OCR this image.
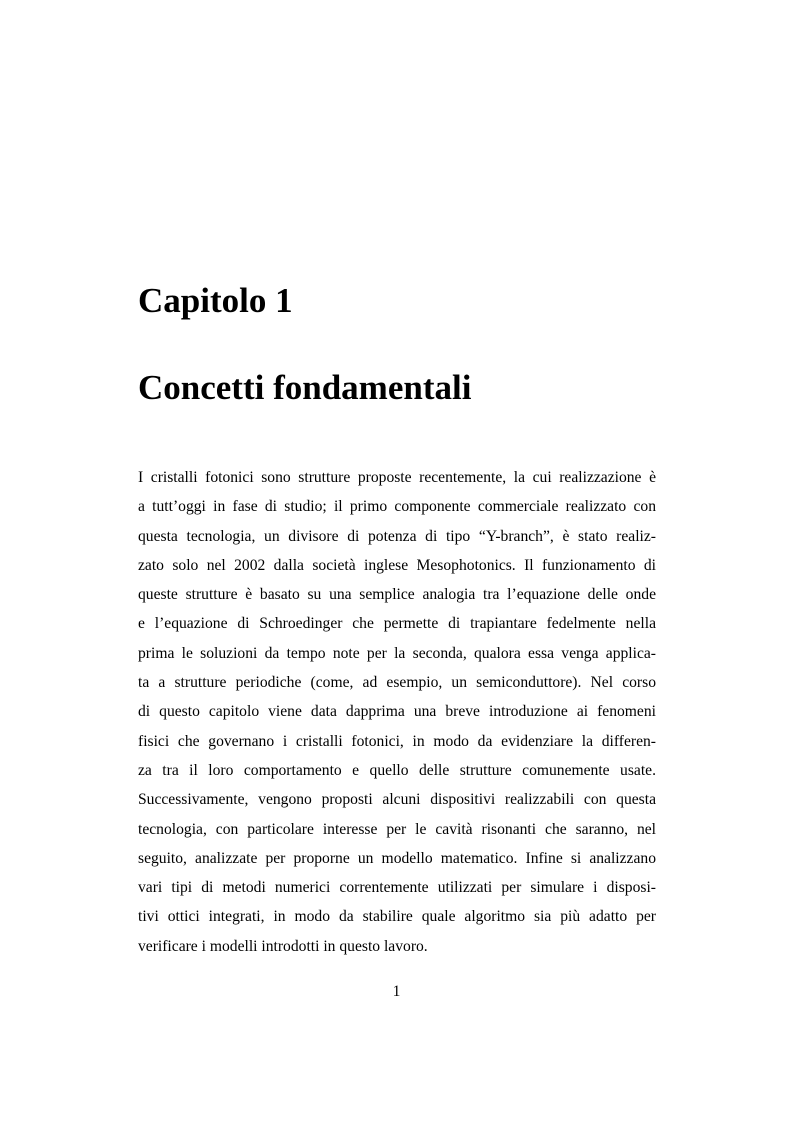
Capitolo 1
Concetti fondamentali
I cristalli fotonici sono strutture proposte recentemente, la cui realizzazione è
a tutt’oggi in fase di studio; il primo componente commerciale realizzato con
questa tecnologia, un divisore di potenza di tipo “Y-branch”, è stato realiz-
zato solo nel 2002 dalla società inglese Mesophotonics. Il funzionamento di
queste strutture è basato su una semplice analogia tra l’equazione delle onde
e l’equazione di Schroedinger che permette di trapiantare fedelmente nella
prima le soluzioni da tempo note per la seconda, qualora essa venga applica-
ta a strutture periodiche (come, ad esempio, un semiconduttore). Nel corso
di questo capitolo viene data dapprima una breve introduzione ai fenomeni
fisici che governano i cristalli fotonici, in modo da evidenziare la differen-
za tra il loro comportamento e quello delle strutture comunemente usate.
Successivamente, vengono proposti alcuni dispositivi realizzabili con questa
tecnologia, con particolare interesse per le cavità risonanti che saranno, nel
seguito, analizzate per proporne un modello matematico. Infine si analizzano
vari tipi di metodi numerici correntemente utilizzati per simulare i disposi-
tivi ottici integrati, in modo da stabilire quale algoritmo sia più adatto per
verificare i modelli introdotti in questo lavoro.
1
